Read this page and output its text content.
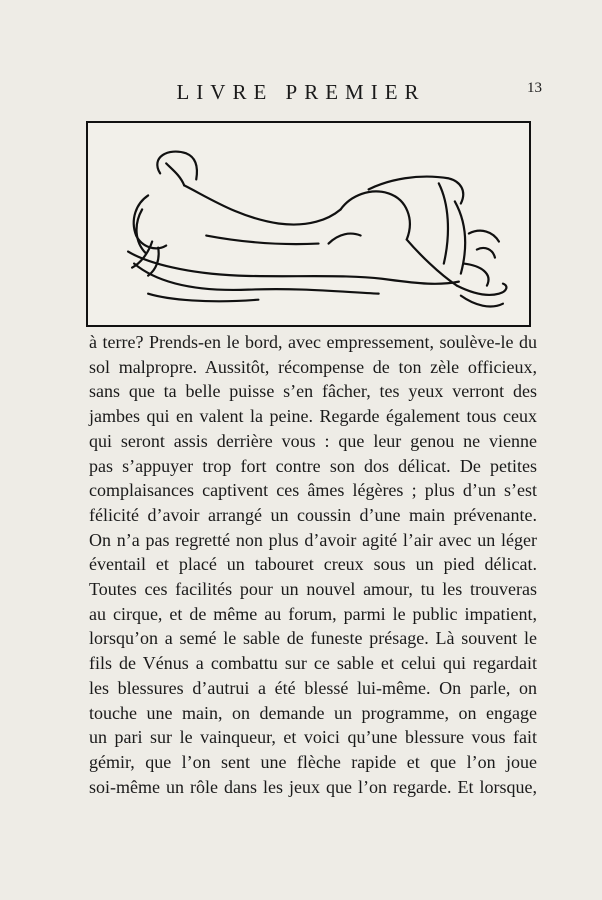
LIVRE PREMIER	13
à terre? Prends-en le bord, avec empressement, soulève-le du
sol malpropre. Aussitôt, récompense de ton zèle officieux,
sans que ta belle puisse s’en fâcher, tes yeux verront des
jambes qui en valent la peine. Regarde également tous ceux
qui seront assis derrière vous : que leur genou ne vienne
pas s’appuyer trop fort contre son dos délicat. De petites
complaisances captivent ces âmes légères ; plus d’un s’est
félicité d’avoir arrangé un coussin d’une main prévenante.
On n’a pas regretté non plus d’avoir agité l’air avec un léger
éventail et placé un tabouret creux sous un pied délicat.
Toutes ces facilités pour un nouvel amour, tu les trouveras
au cirque, et de même au forum, parmi le public impatient,
lorsqu’on a semé le sable de funeste présage. Là souvent le
fils de Vénus a combattu sur ce sable et celui qui regardait
les blessures d’autrui a été blessé lui-même. On parle, on
touche une main, on demande un programme, on engage
un pari sur le vainqueur, et voici qu’une blessure vous fait
gémir, que l’on sent une flèche rapide et que l’on joue
soi-même un rôle dans les jeux que l’on regarde. Et lorsque,
